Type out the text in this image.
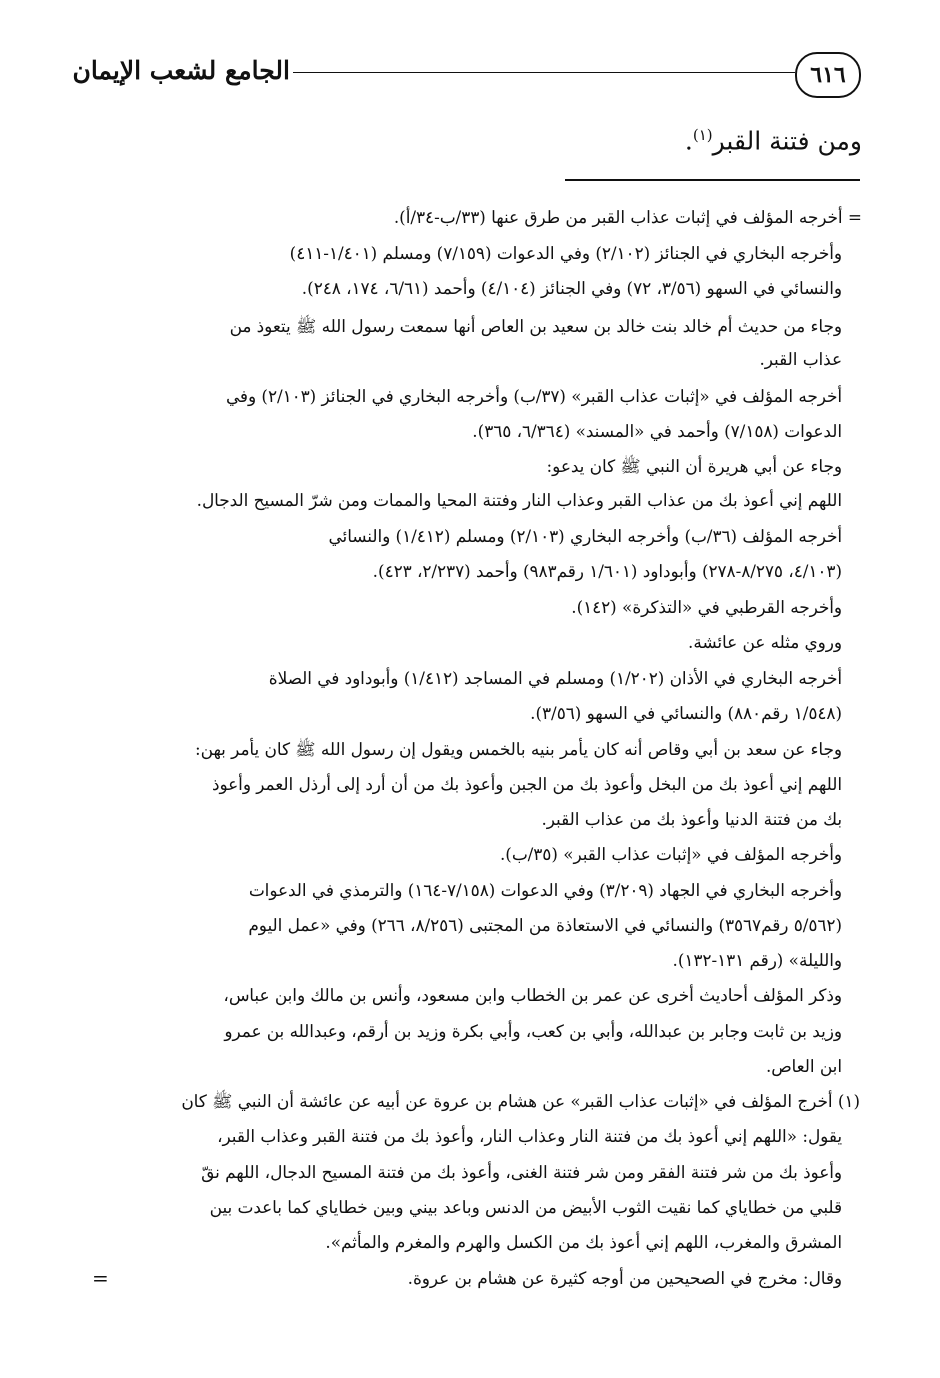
٦١٦
الجامع لشعب الإيمان
ومن فتنة القبر$^{(١)}$.
= أخرجه المؤلف في إثبات عذاب القبر من طرق عنها (٣٣/ب-٣٤/أ).
وأخرجه البخاري في الجنائز (٢/١٠٢) وفي الدعوات (٧/١٥٩) ومسلم (١/٤٠١-٤١١)
والنسائي في السهو (٣/٥٦، ٧٢) وفي الجنائز (٤/١٠٤) وأحمد (٦/٦١، ١٧٤، ٢٤٨).
وجاء من حديث أم خالد بنت خالد بن سعيد بن العاص أنها سمعت رسول الله ﷺ يتعوذ من
عذاب القبر.
أخرجه المؤلف في «إثبات عذاب القبر» (٣٧/ب) وأخرجه البخاري في الجنائز (٢/١٠٣) وفي
الدعوات (٧/١٥٨) وأحمد في «المسند» (٦/٣٦٤، ٣٦٥).
وجاء عن أبي هريرة أن النبي ﷺ كان يدعو:
اللهم إني أعوذ بك من عذاب القبر وعذاب النار وفتنة المحيا والممات ومن شرّ المسيح الدجال.
أخرجه المؤلف (٣٦/ب) وأخرجه البخاري (٢/١٠٣) ومسلم (١/٤١٢) والنسائي
(٤/١٠٣، ٨/٢٧٥-٢٧٨) وأبوداود (١/٦٠١ رقم٩٨٣) وأحمد (٢/٢٣٧، ٤٢٣).
وأخرجه القرطبي في «التذكرة» (١٤٢).
وروي مثله عن عائشة.
أخرجه البخاري في الأذان (١/٢٠٢) ومسلم في المساجد (١/٤١٢) وأبوداود في الصلاة
(١/٥٤٨ رقم٨٨٠) والنسائي في السهو (٣/٥٦).
وجاء عن سعد بن أبي وقاص أنه كان يأمر بنيه بالخمس ويقول إن رسول الله ﷺ كان يأمر بهن:
اللهم إني أعوذ بك من البخل وأعوذ بك من الجبن وأعوذ بك من أن أرد إلى أرذل العمر وأعوذ
بك من فتنة الدنيا وأعوذ بك من عذاب القبر.
وأخرجه المؤلف في «إثبات عذاب القبر» (٣٥/ب).
وأخرجه البخاري في الجهاد (٣/٢٠٩) وفي الدعوات (٧/١٥٨-١٦٤) والترمذي في الدعوات
(٥/٥٦٢ رقم٣٥٦٧) والنسائي في الاستعاذة من المجتبى (٨/٢٥٦، ٢٦٦) وفي «عمل اليوم
والليلة» (رقم ١٣١-١٣٢).
وذكر المؤلف أحاديث أخرى عن عمر بن الخطاب وابن مسعود، وأنس بن مالك وابن عباس،
وزيد بن ثابت وجابر بن عبدالله، وأبي بن كعب، وأبي بكرة وزيد بن أرقم، وعبدالله بن عمرو
ابن العاص.
(١) أخرج المؤلف في «إثبات عذاب القبر» عن هشام بن عروة عن أبيه عن عائشة أن النبي ﷺ كان
يقول: «اللهم إني أعوذ بك من فتنة النار وعذاب النار، وأعوذ بك من فتنة القبر وعذاب القبر،
وأعوذ بك من شر فتنة الفقر ومن شر فتنة الغنى، وأعوذ بك من فتنة المسيح الدجال، اللهم نقّ
قلبي من خطاياي كما نقيت الثوب الأبيض من الدنس وباعد بيني وبين خطاياي كما باعدت بين
المشرق والمغرب، اللهم إني أعوذ بك من الكسل والهرم والمغرم والمأثم».
وقال: مخرج في الصحيحين من أوجه كثيرة عن هشام بن عروة.
=
